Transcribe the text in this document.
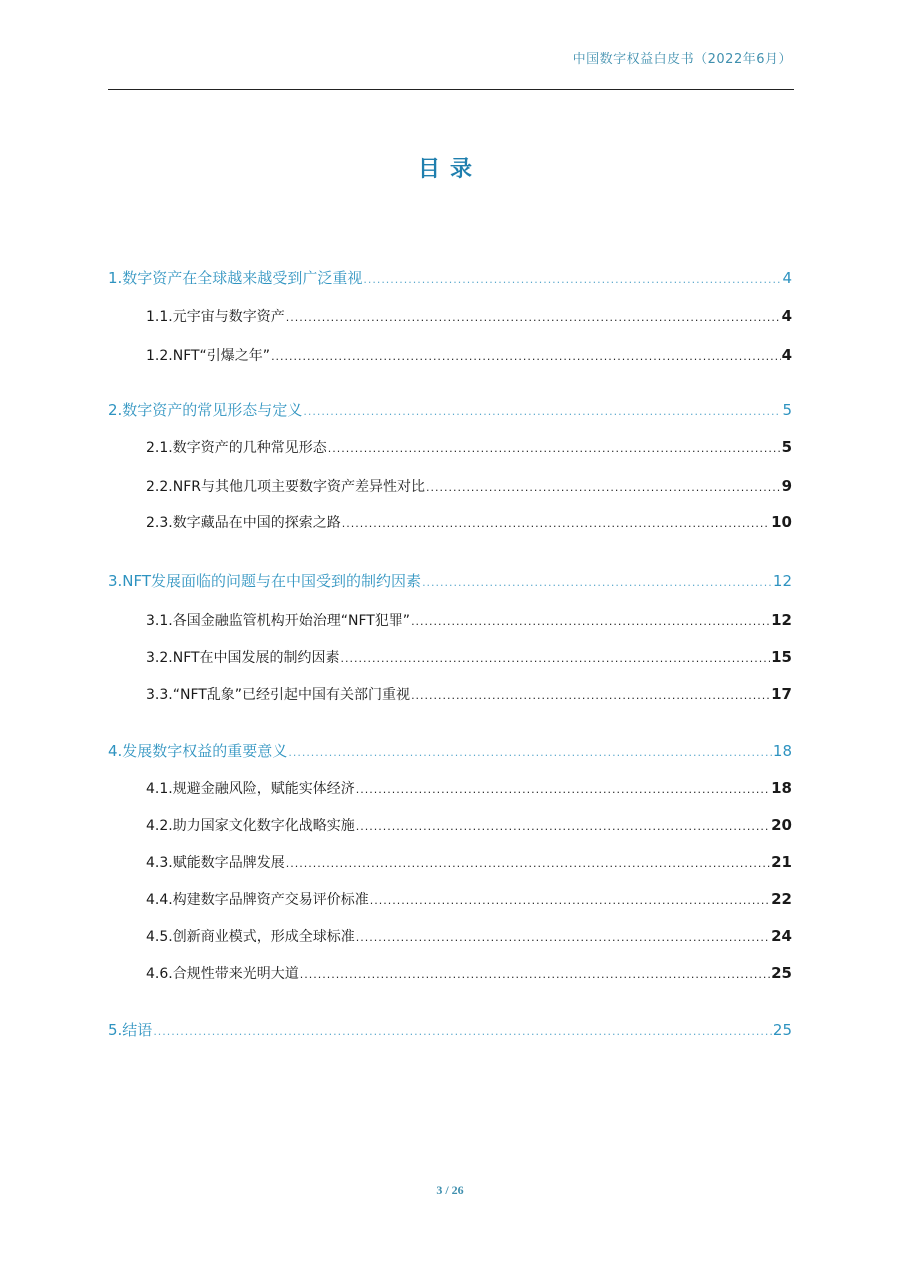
中国数字权益白皮书（2022年6月）
目录
1.数字资产在全球越来越受到广泛重视 .....	4
1.1.元宇宙与数字资产 .....	4
1.2.NFT“引爆之年” .....	4
2.数字资产的常见形态与定义 .....	5
2.1.数字资产的几种常见形态 .....	5
2.2.NFR与其他几项主要数字资产差异性对比 .....	9
2.3.数字藏品在中国的探索之路 .....	10
3.NFT发展面临的问题与在中国受到的制约因素 .....	12
3.1.各国金融监管机构开始治理“NFT犯罪” .....	12
3.2.NFT在中国发展的制约因素 .....	15
3.3.“NFT乱象”已经引起中国有关部门重视 .....	17
4.发展数字权益的重要意义 .....	18
4.1.规避金融风险，赋能实体经济 .....	18
4.2.助力国家文化数字化战略实施 .....	20
4.3.赋能数字品牌发展 .....	21
4.4.构建数字品牌资产交易评价标准 .....	22
4.5.创新商业模式，形成全球标准 .....	24
4.6.合规性带来光明大道 .....	25
5.结语 .....	25
3 / 26
